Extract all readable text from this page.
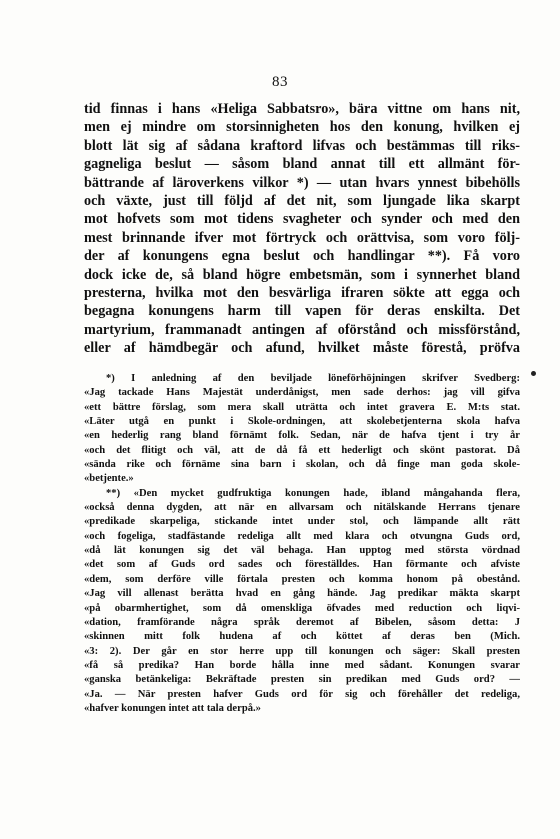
83
tid finnas i hans «Heliga Sabbatsro», bära vittne om hans nit,
men ej mindre om storsinnigheten hos den konung, hvilken ej
blott lät sig af sådana kraftord lifvas och bestämmas till riks-
gagneliga beslut — såsom bland annat till ett allmänt för-
bättrande af läroverkens vilkor *) — utan hvars ynnest bibehölls
och växte, just till följd af det nit, som ljungade lika skarpt
mot hofvets som mot tidens svagheter och synder och med den
mest brinnande ifver mot förtryck och orättvisa, som voro följ-
der af konungens egna beslut och handlingar **). Få voro
dock icke de, så bland högre embetsmän, som i synnerhet bland
presterna, hvilka mot den besvärliga ifraren sökte att egga och
begagna konungens harm till vapen för deras enskilta. Det
martyrium, frammanadt antingen af oförstånd och missförstånd,
eller af hämdbegär och afund, hvilket måste förestå, pröfva
*) I anledning af den beviljade löneförhöjningen skrifver Svedberg:
«Jag tackade Hans Majestät underdånigst, men sade derhos: jag vill gifva
«ett bättre förslag, som mera skall uträtta och intet gravera E. M:ts stat.
«Läter utgå en punkt i Skole-ordningen, att skolebetjenterna skola hafva
«en hederlig rang bland förnämt folk. Sedan, när de hafva tjent i try år
«och det flitigt och väl, att de då få ett hederligt och skönt pastorat. Då
«sända rike och förnäme sina barn i skolan, och då finge man goda skole-
«betjente.»
**) «Den mycket gudfruktiga konungen hade, ibland mångahanda flera,
«också denna dygden, att när en allvarsam och nitälskande Herrans tjenare
«predikade skarpeliga, stickande intet under stol, och lämpande allt rätt
«och fogeliga, stadfästande redeliga allt med klara och otvungna Guds ord,
«då lät konungen sig det väl behaga. Han upptog med största vördnad
«det som af Guds ord sades och föreställdes. Han förmante och afviste
«dem, som derföre ville förtala presten och komma honom på obestånd.
«Jag vill allenast berätta hvad en gång hände. Jag predikar mäkta skarpt
«på obarmhertighet, som då omenskliga öfvades med reduction och liqvi-
«dation, framförande några språk deremot af Bibelen, såsom detta: J
«skinnen mitt folk hudena af och köttet af deras ben (Mich.
«3: 2). Der går en stor herre upp till konungen och säger: Skall presten
«få så predika? Han borde hålla inne med sådant. Konungen svarar
«ganska betänkeliga: Bekräftade presten sin predikan med Guds ord? —
«Ja. — När presten hafver Guds ord för sig och förehåller det redeliga,
«hafver konungen intet att tala derpå.»
